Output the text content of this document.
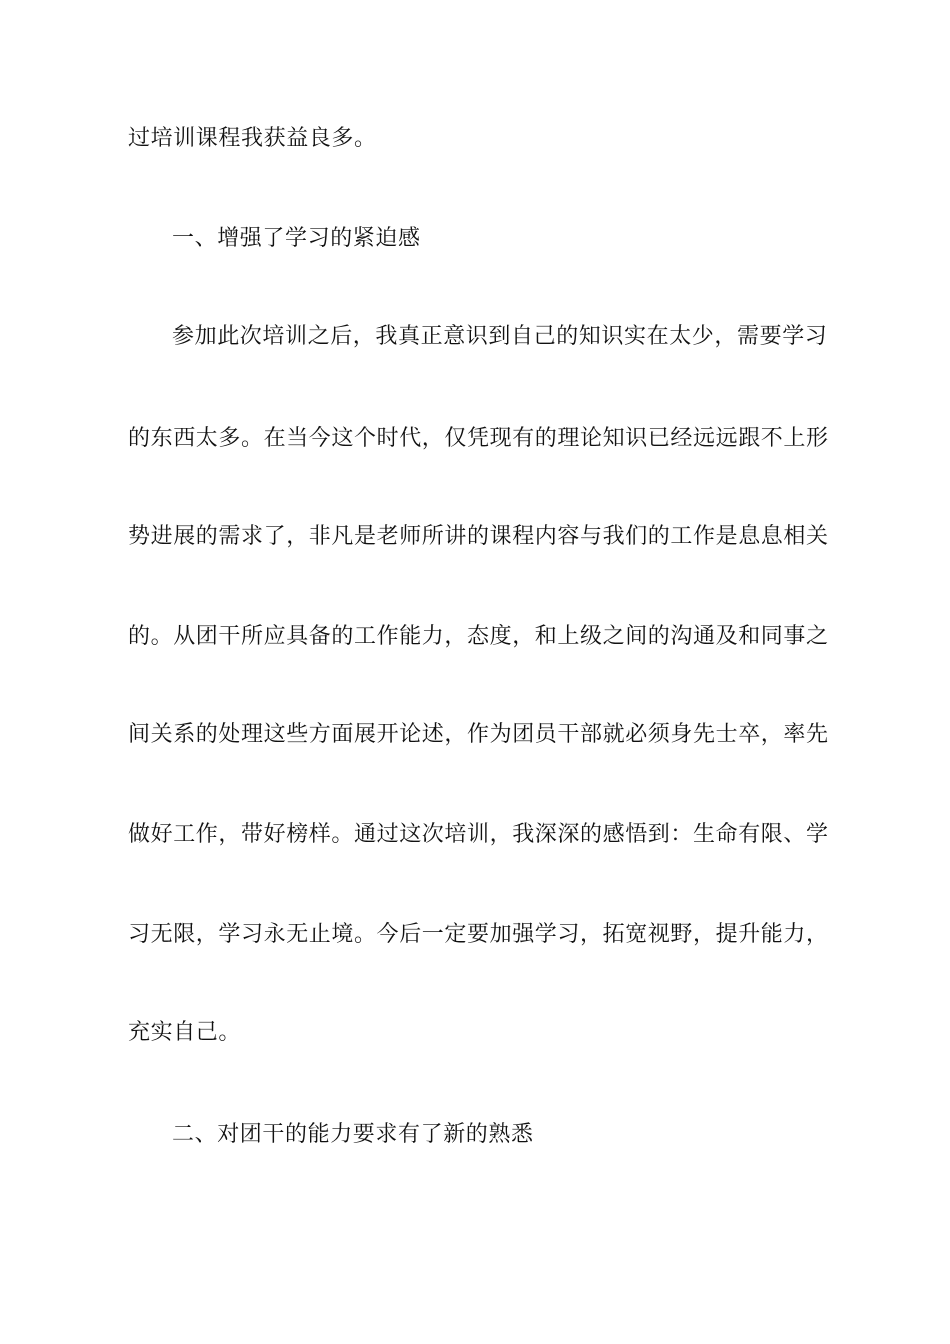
过培训课程我获益良多。
一、增强了学习的紧迫感
参加此次培训之后，我真正意识到自己的知识实在太少，需要学习
的东西太多。在当今这个时代，仅凭现有的理论知识已经远远跟不上形
势进展的需求了，非凡是老师所讲的课程内容与我们的工作是息息相关
的。从团干所应具备的工作能力，态度，和上级之间的沟通及和同事之
间关系的处理这些方面展开论述，作为团员干部就必须身先士卒，率先
做好工作，带好榜样。通过这次培训，我深深的感悟到：生命有限、学
习无限，学习永无止境。今后一定要加强学习，拓宽视野，提升能力，
充实自己。
二、对团干的能力要求有了新的熟悉
